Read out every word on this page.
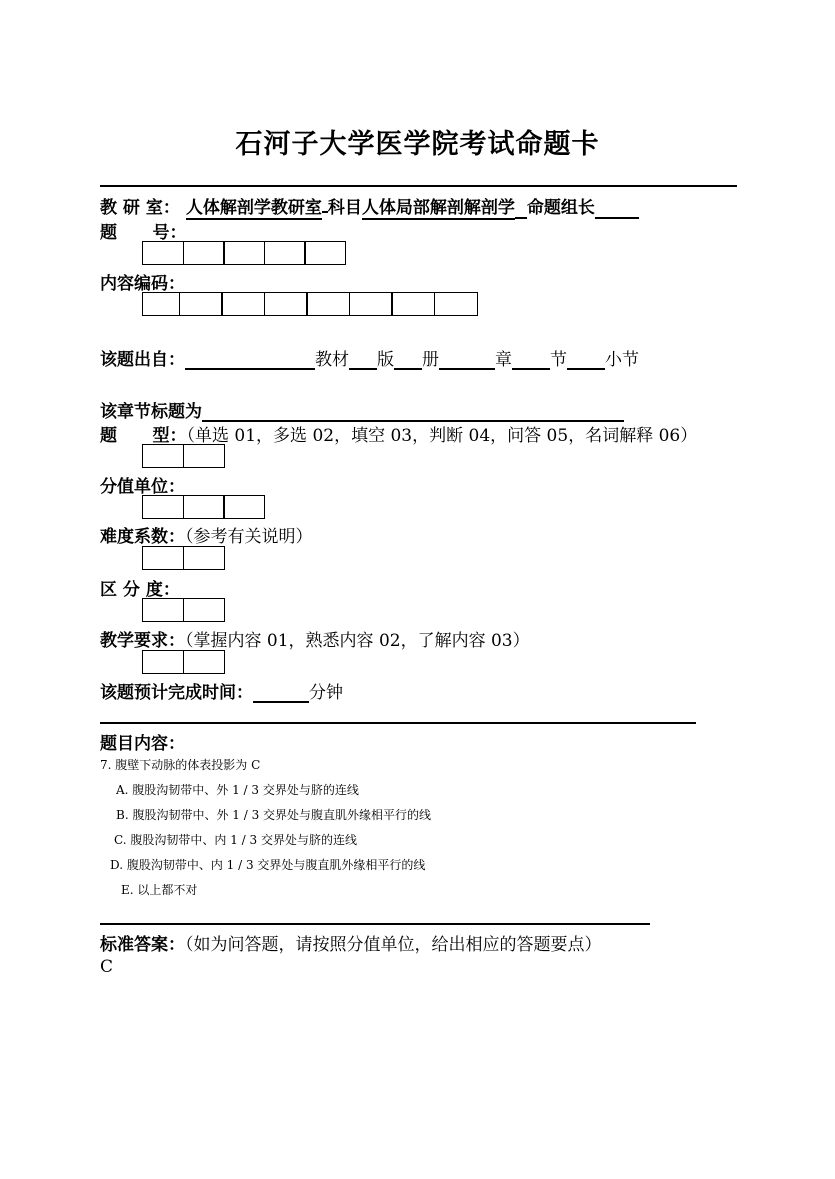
石河子大学医学院考试命题卡
教 研 室： 人体解剖学教研室 科目人体局部解剖解剖学 命题组长
题      号：
内容编码：
该题出自：	教材 版 册	章 节 小节
该章节标题为
题      型：（单选 01，多选 02，填空 03，判断 04，问答 05，名词解释 06）
分值单位：
难度系数：（参考有关说明）
区 分 度：
教学要求：（掌握内容 01，熟悉内容 02，了解内容 03）
该题预计完成时间：	分钟
题目内容：
7. 腹壁下动脉的体表投影为 C
A. 腹股沟韧带中、外 1 / 3 交界处与脐的连线
B. 腹股沟韧带中、外 1 / 3 交界处与腹直肌外缘相平行的线
C. 腹股沟韧带中、内 1 / 3 交界处与脐的连线
D. 腹股沟韧带中、内 1 / 3 交界处与腹直肌外缘相平行的线
E. 以上都不对
标准答案：（如为问答题，请按照分值单位，给出相应的答题要点）
C
